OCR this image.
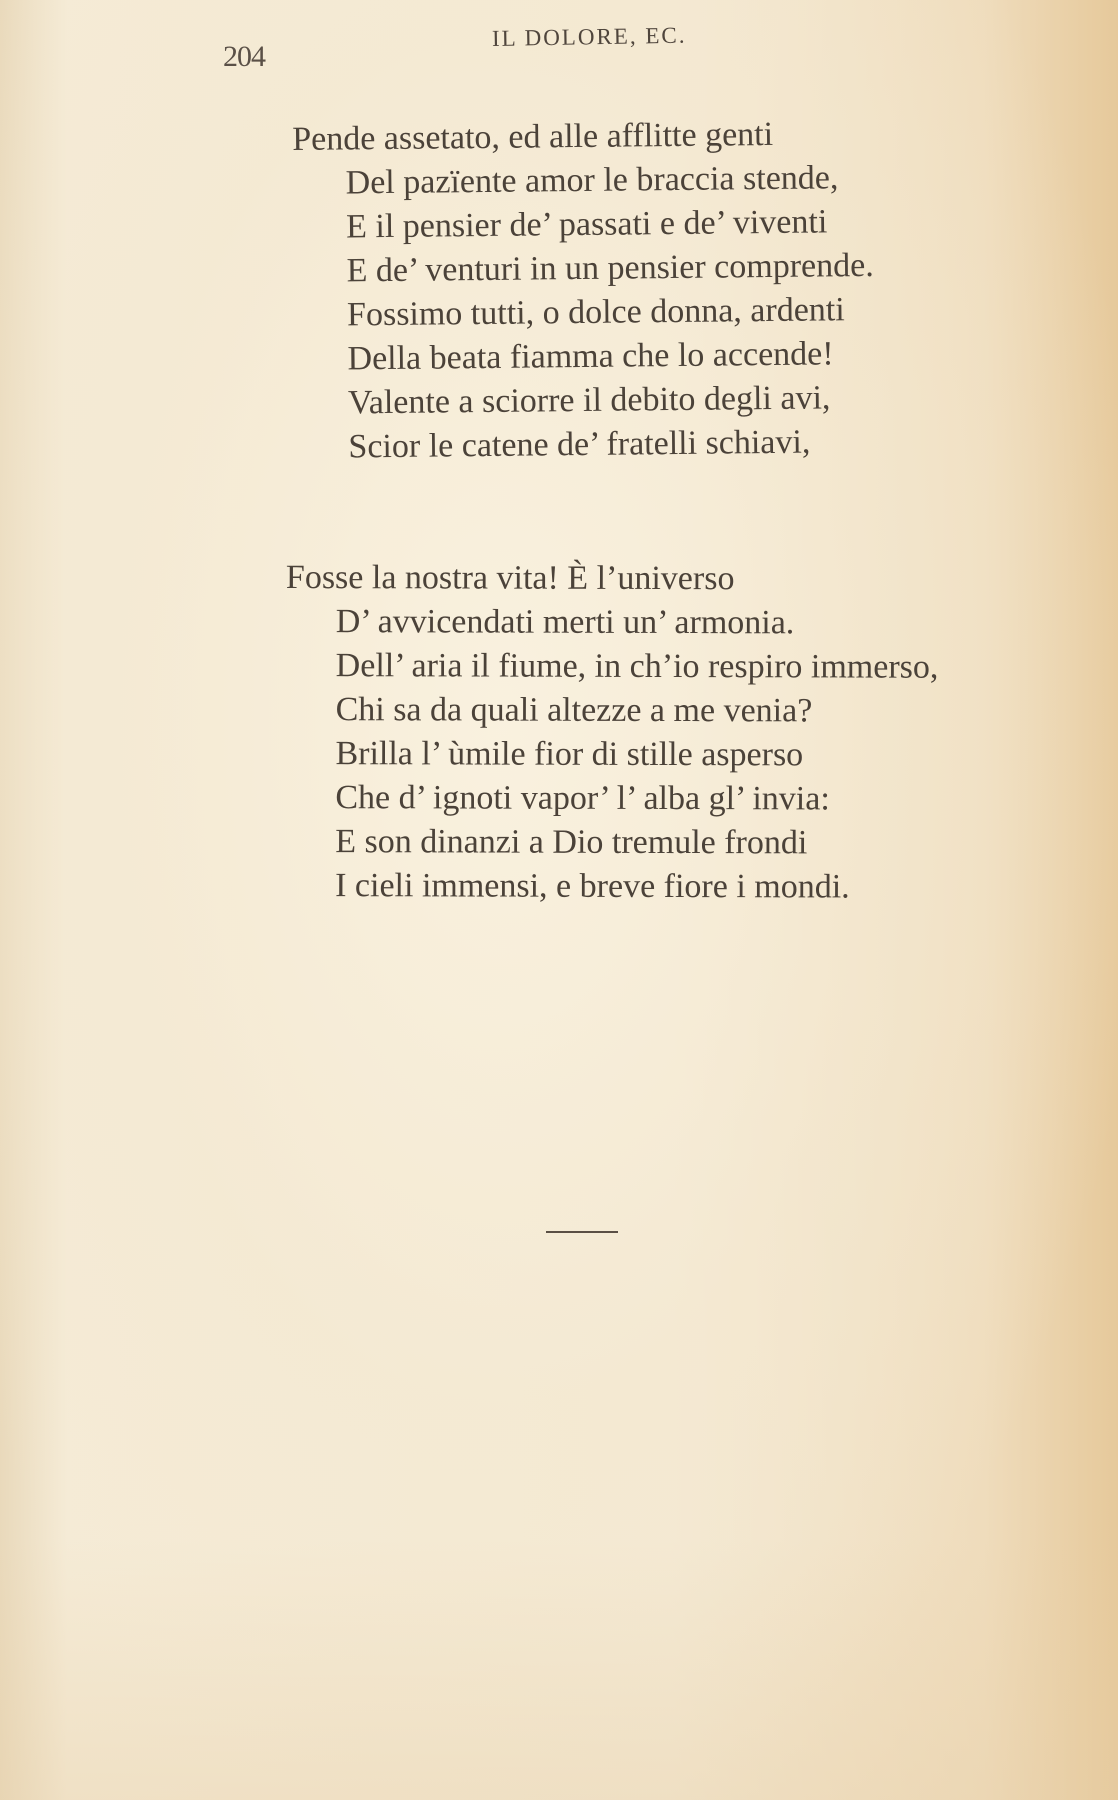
204
IL DOLORE, EC.
Pende assetato, ed alle afflitte genti
Del pazïente amor le braccia stende,
E il pensier de’ passati e de’ viventi
E de’ venturi in un pensier comprende.
Fossimo tutti, o dolce donna, ardenti
Della beata fiamma che lo accende!
Valente a sciorre il debito degli avi,
Scior le catene de’ fratelli schiavi,
Fosse la nostra vita! È l’universo
D’ avvicendati merti un’ armonia.
Dell’ aria il fiume, in ch’io respiro immerso,
Chi sa da quali altezze a me venia?
Brilla l’ ùmile fior di stille asperso
Che d’ ignoti vapor’ l’ alba gl’ invia:
E son dinanzi a Dio tremule frondi
I cieli immensi, e breve fiore i mondi.
